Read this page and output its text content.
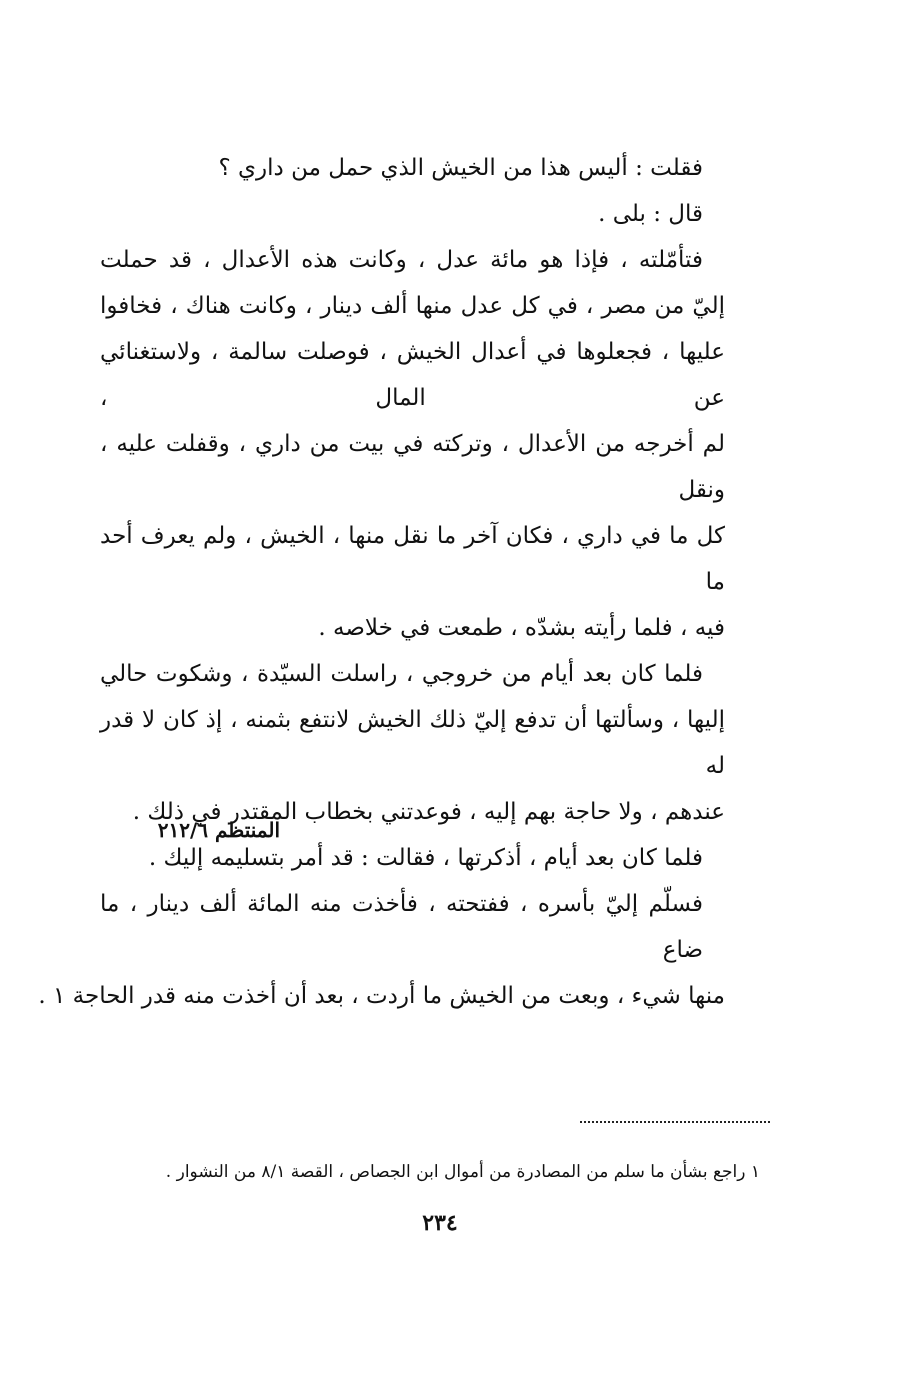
فقلت : أليس هذا من الخيش الذي حمل من داري ؟
قال : بلى .
فتأمّلته ، فإذا هو مائة عدل ، وكانت هذه الأعدال ، قد حملت
إليّ من مصر ، في كل عدل منها ألف دينار ، وكانت هناك ، فخافوا
عليها ، فجعلوها في أعدال الخيش ، فوصلت سالمة ، ولاستغنائي عن المال ،
لم أخرجه من الأعدال ، وتركته في بيت من داري ، وقفلت عليه ، ونقل
كل ما في داري ، فكان آخر ما نقل منها ، الخيش ، ولم يعرف أحد ما
فيه ، فلما رأيته بشدّه ، طمعت في خلاصه .
فلما كان بعد أيام من خروجي ، راسلت السيّدة ، وشكوت حالي
إليها ، وسألتها أن تدفع إليّ ذلك الخيش لانتفع بثمنه ، إذ كان لا قدر له
عندهم ، ولا حاجة بهم إليه ، فوعدتني بخطاب المقتدر في ذلك .
فلما كان بعد أيام ، أذكرتها ، فقالت : قد أمر بتسليمه إليك .
فسلّم إليّ بأسره ، ففتحته ، فأخذت منه المائة ألف دينار ، ما ضاع
منها شيء ، وبعت من الخيش ما أردت ، بعد أن أخذت منه قدر الحاجة ١ .
المنتظم ٢١٢/٦
١ راجع بشأن ما سلم من المصادرة من أموال ابن الجصاص ، القصة ٨/١ من النشوار .
٢٣٤
